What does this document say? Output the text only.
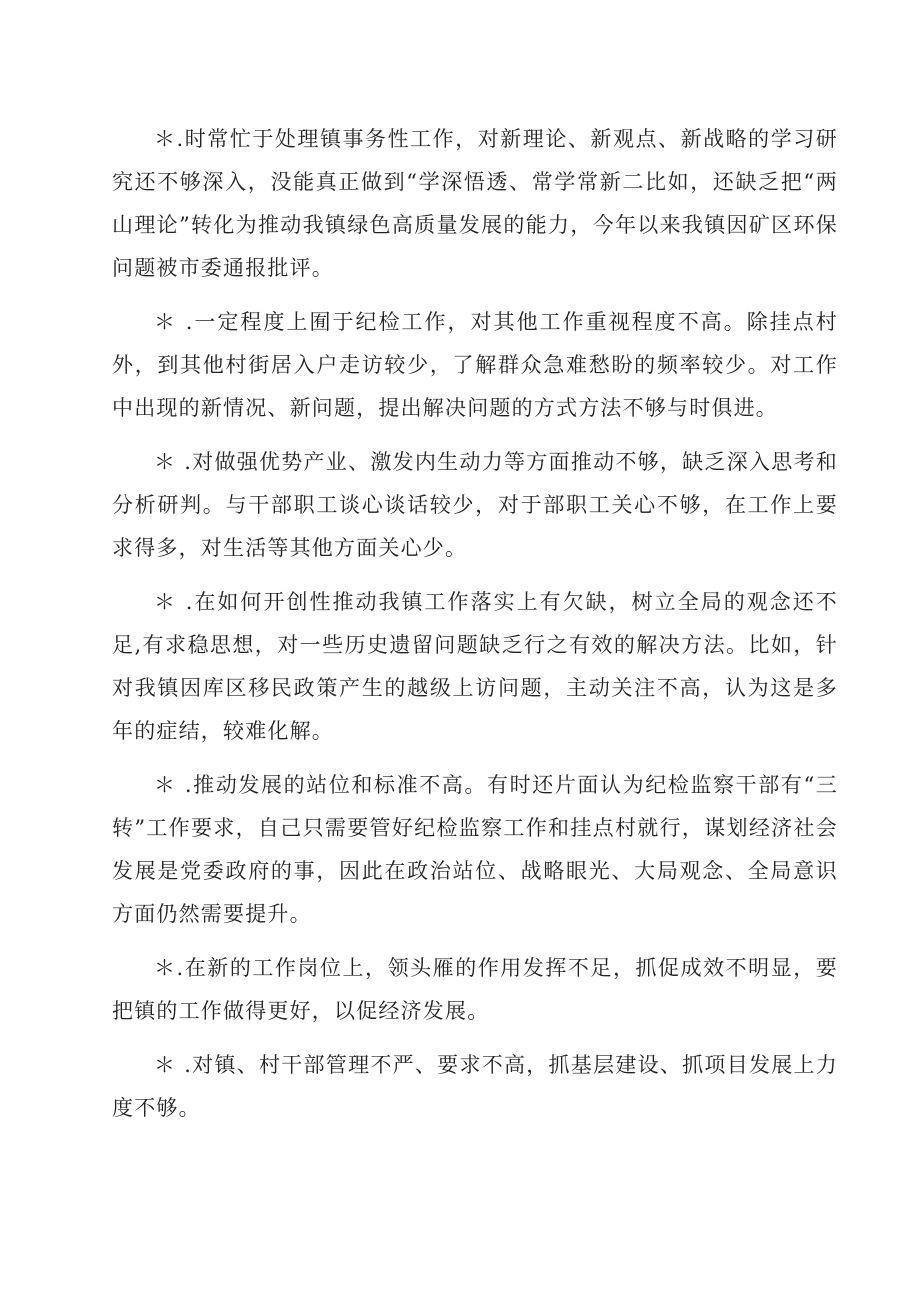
＊.时常忙于处理镇事务性工作，对新理论、新观点、新战略的学习研究还不够深入，没能真正做到“学深悟透、常学常新二比如，还缺乏把“两山理论”转化为推动我镇绿色高质量发展的能力，今年以来我镇因矿区环保问题被市委通报批评。

＊ .一定程度上囿于纪检工作，对其他工作重视程度不高。除挂点村外，到其他村街居入户走访较少，了解群众急难愁盼的频率较少。对工作中出现的新情况、新问题，提出解决问题的方式方法不够与时俱进。

＊ .对做强优势产业、激发内生动力等方面推动不够，缺乏深入思考和分析研判。与干部职工谈心谈话较少，对于部职工关心不够，在工作上要求得多，对生活等其他方面关心少。

＊ .在如何开创性推动我镇工作落实上有欠缺，树立全局的观念还不足,有求稳思想，对一些历史遗留问题缺乏行之有效的解决方法。比如，针对我镇因库区移民政策产生的越级上访问题，主动关注不高，认为这是多年的症结，较难化解。

＊ .推动发展的站位和标准不高。有时还片面认为纪检监察干部有“三转”工作要求，自己只需要管好纪检监察工作和挂点村就行，谋划经济社会发展是党委政府的事，因此在政治站位、战略眼光、大局观念、全局意识方面仍然需要提升。

＊.在新的工作岗位上，领头雁的作用发挥不足，抓促成效不明显，要把镇的工作做得更好，以促经济发展。

＊ .对镇、村干部管理不严、要求不高，抓基层建设、抓项目发展上力度不够。
